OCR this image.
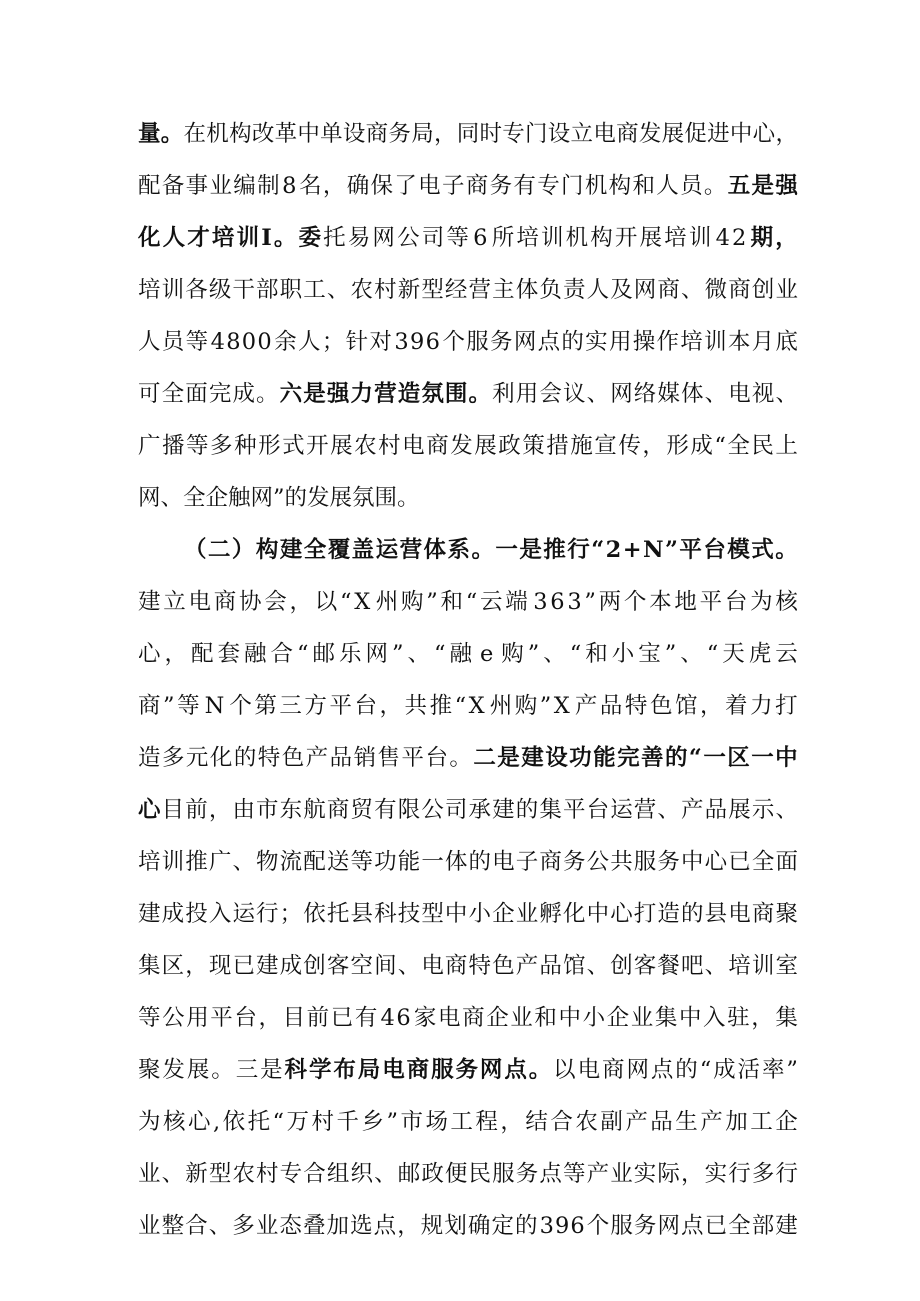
量 。 在 机 构 改 革 中 单 设 商 务 局 ， 同 时 专 门 设 立 电 商 发 展 促 进 中 心 ，
配 备 事 业 编 制 8 名 ， 确 保 了 电 子 商 务 有 专 门 机 构 和 人 员 。 五 是 强
化 人 才 培 训 Ⅰ 。 委 托 易 网 公 司 等 6 所 培 训 机 构 开 展 培 训 4 2 期 ，
培 训 各 级 干 部 职 工 、 农 村 新 型 经 营 主 体 负 责 人 及 网 商 、 微 商 创 业
人 员 等 4 8 0 0 余 人 ； 针 对 3 9 6 个 服 务 网 点 的 实 用 操 作 培 训 本 月 底
可 全 面 完 成 。 六 是 强 力 营 造 氛 围 。 利 用 会 议 、 网 络 媒 体 、 电 视 、
广 播 等 多 种 形 式 开 展 农 村 电 商 发 展 政 策 措 施 宣 传 ， 形 成 “ 全 民 上
网、全企触网”的发展氛围。
（ 二 ） 构 建 全 覆 盖 运 营 体 系 。 一 是 推 行 “ 2 + N ” 平 台 模 式 。
建 立 电 商 协 会 ， 以 “ X 州 购 ” 和 “ 云 端 3 6 3 ” 两 个 本 地 平 台 为 核
心 ， 配 套 融 合 “ 邮 乐 网 ” 、 “ 融 e 购 ” 、 “ 和 小 宝 ” 、 “ 天 虎 云
商 ” 等 N 个 第 三 方 平 台 ， 共 推 “ X 州 购 ” X 产 品 特 色 馆 ， 着 力 打
造 多 元 化 的 特 色 产 品 销 售 平 台 。 二 是 建 设 功 能 完 善 的 “ 一 区 一 中
心 目 前 ， 由 市 东 航 商 贸 有 限 公 司 承 建 的 集 平 台 运 营 、 产 品 展 示 、
培 训 推 广 、 物 流 配 送 等 功 能 一 体 的 电 子 商 务 公 共 服 务 中 心 已 全 面
建 成 投 入 运 行 ； 依 托 县 科 技 型 中 小 企 业 孵 化 中 心 打 造 的 县 电 商 聚
集 区 ， 现 已 建 成 创 客 空 间 、 电 商 特 色 产 品 馆 、 创 客 餐 吧 、 培 训 室
等 公 用 平 台 ， 目 前 已 有 4 6 家 电 商 企 业 和 中 小 企 业 集 中 入 驻 ， 集
聚 发 展 。 三 是 科 学 布 局 电 商 服 务 网 点 。 以 电 商 网 点 的 “ 成 活 率 ”
为 核 心 , 依 托 “ 万 村 千 乡 ” 市 场 工 程 ， 结 合 农 副 产 品 生 产 加 工 企
业 、 新 型 农 村 专 合 组 织 、 邮 政 便 民 服 务 点 等 产 业 实 际 ， 实 行 多 行
业 整 合 、 多 业 态 叠 加 选 点 ， 规 划 确 定 的 3 9 6 个 服 务 网 点 已 全 部 建
